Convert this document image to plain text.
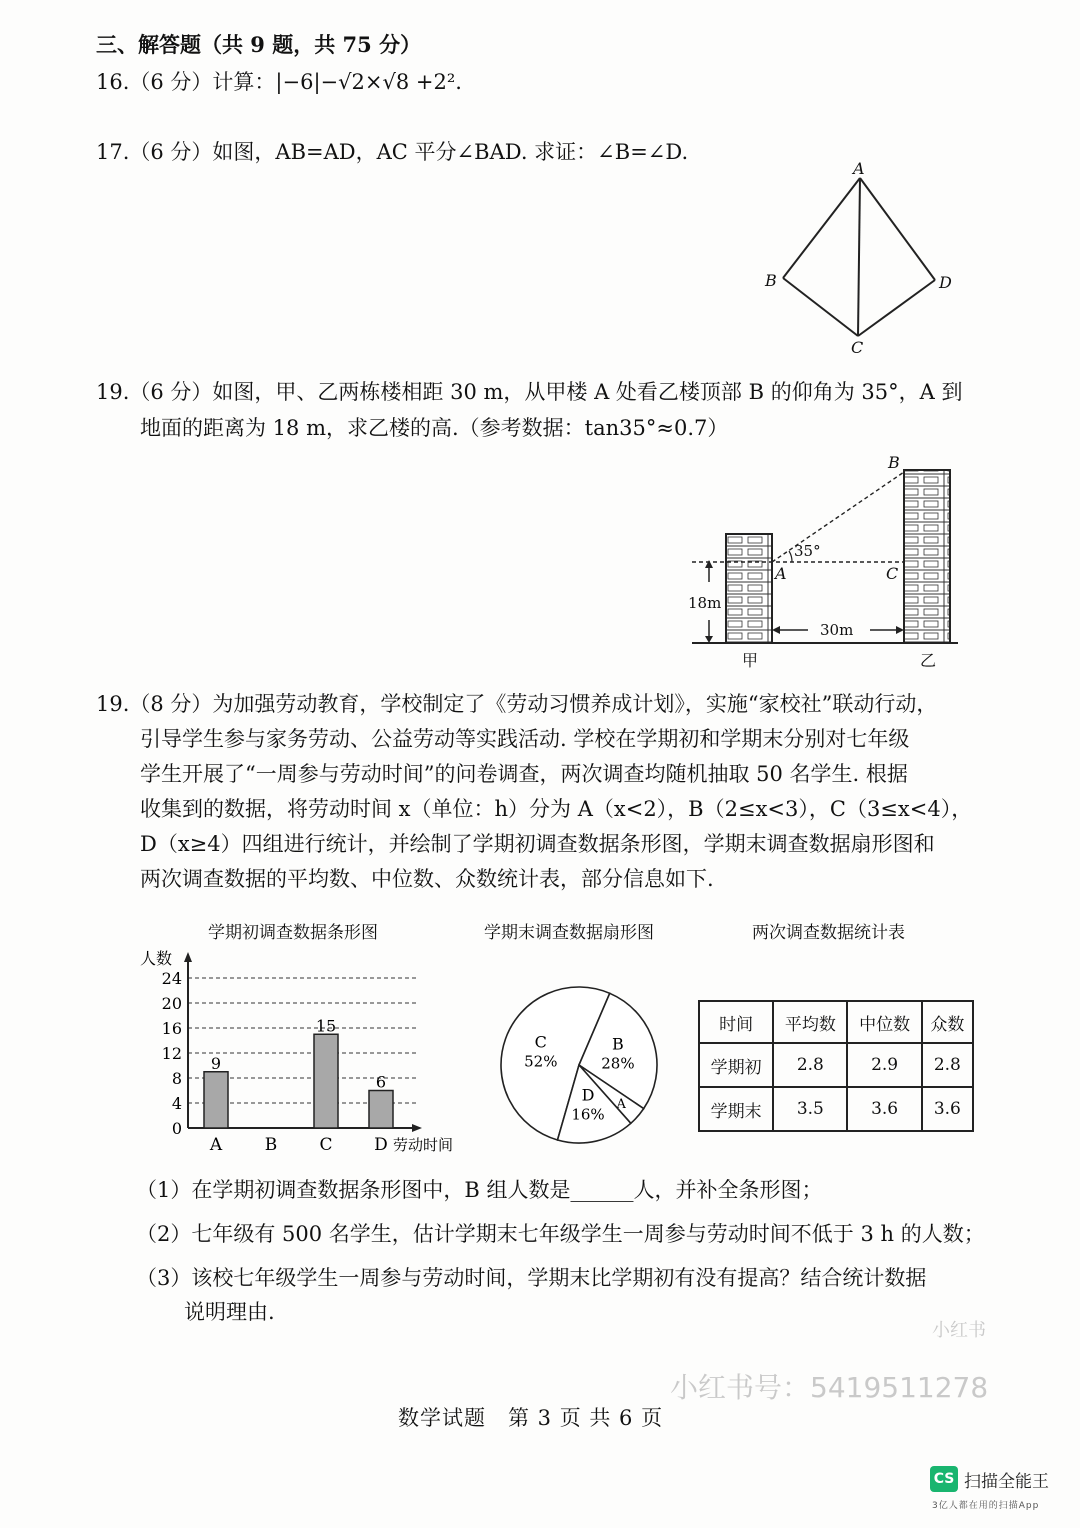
三、解答题（共 9 题，共 75 分）
16.（6 分）计算：|−6|−√2×√8 +2².
17.（6 分）如图，AB=AD，AC 平分∠BAD. 求证：∠B=∠D.
A
B
C
D
19.（6 分）如图，甲、乙两栋楼相距 30 m，从甲楼 A 处看乙楼顶部 B 的仰角为 35°，A 到
地面的距离为 18 m，求乙楼的高.（参考数据：tan35°≈0.7）
B
A	C
35°
18m
30m
甲	乙
19.（8 分）为加强劳动教育，学校制定了《劳动习惯养成计划》，实施“家校社”联动行动，
引导学生参与家务劳动、公益劳动等实践活动. 学校在学期初和学期末分别对七年级
学生开展了“一周参与劳动时间”的问卷调查，两次调查均随机抽取 50 名学生. 根据
收集到的数据，将劳动时间 x（单位：h）分为 A（x<2），B（2≤x<3），C（3≤x<4），
D（x≥4）四组进行统计，并绘制了学期初调查数据条形图，学期末调查数据扇形图和
两次调查数据的平均数、中位数、众数统计表，部分信息如下.
学期初调查数据条形图	学期末调查数据扇形图	两次调查数据统计表
0
4
8
12
16
20
24
人数
9
A	B
15
C
6
D 劳动时间
C
52%
B
28%
A
D
16%
时间	平均数	中位数	众数
学期初	2.8	2.9	2.8
学期末	3.5	3.6	3.6
（1）在学期初调查数据条形图中，B 组人数是______人，并补全条形图；
（2）七年级有 500 名学生，估计学期末七年级学生一周参与劳动时间不低于 3 h 的人数；
（3）该校七年级学生一周参与劳动时间，学期末比学期初有没有提高？结合统计数据
说明理由.
小红书
小红书号：5419511278
数学试题　第 3 页 共 6 页
CS 扫描全能王
3亿人都在用的扫描App
